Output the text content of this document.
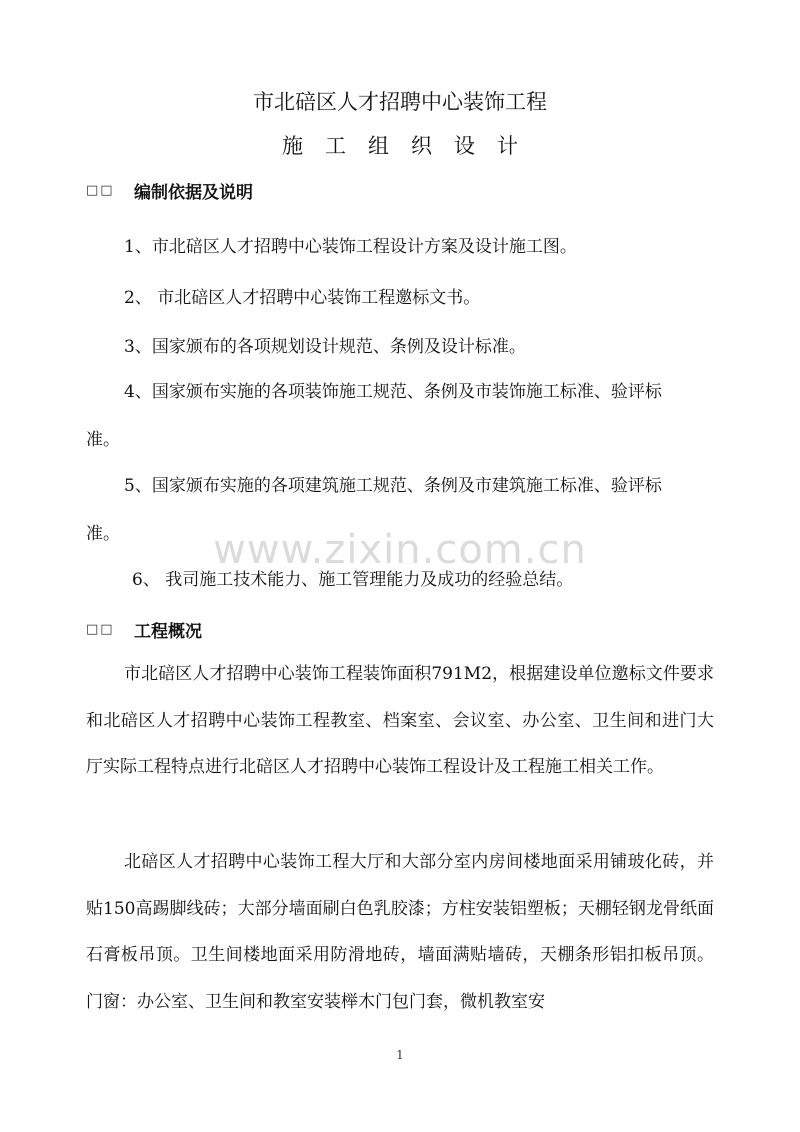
市北碚区人才招聘中心装饰工程
施工组织设计
□□	编制依据及说明
1、市北碚区人才招聘中心装饰工程设计方案及设计施工图。
2、 市北碚区人才招聘中心装饰工程邀标文书。
3、国家颁布的各项规划设计规范、条例及设计标准。
4、国家颁布实施的各项装饰施工规范、条例及市装饰施工标准、验评标
准。
5、国家颁布实施的各项建筑施工规范、条例及市建筑施工标准、验评标
准。
6、 我司施工技术能力、施工管理能力及成功的经验总结。
□□	工程概况
市北碚区人才招聘中心装饰工程装饰面积791M2，根据建设单位邀标文件要求和北碚区人才招聘中心装饰工程教室、档案室、会议室、办公室、卫生间和进门大厅实际工程特点进行北碚区人才招聘中心装饰工程设计及工程施工相关工作。
北碚区人才招聘中心装饰工程大厅和大部分室内房间楼地面采用铺玻化砖，并贴150高踢脚线砖；大部分墙面刷白色乳胶漆；方柱安装铝塑板；天棚轻钢龙骨纸面石膏板吊顶。卫生间楼地面采用防滑地砖，墙面满贴墙砖，天棚条形铝扣板吊顶。门窗：办公室、卫生间和教室安装榉木门包门套，微机教室安
www.zixin.com.cn
1
